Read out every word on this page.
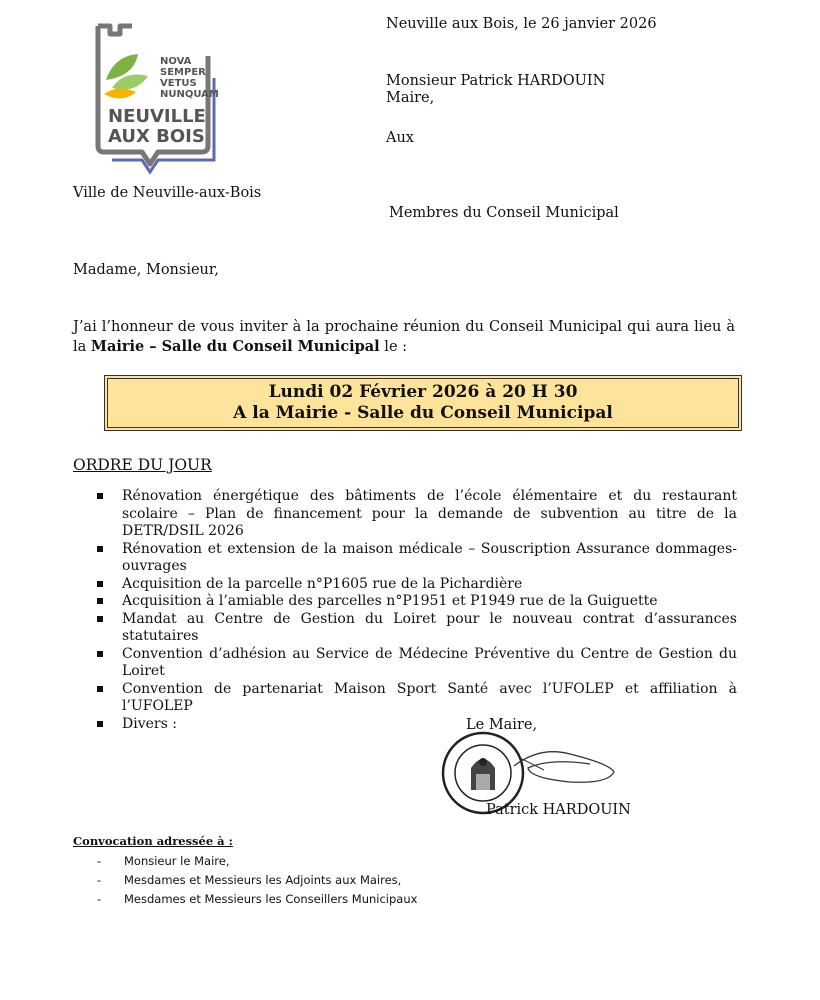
NOVA
SEMPER
VETUS
NUNQUAM
NEUVILLE
AUX BOIS
Ville de Neuville-aux-Bois
Neuville aux Bois, le 26 janvier 2026
Monsieur Patrick HARDOUIN
Maire,
Aux
Membres du Conseil Municipal
Madame, Monsieur,
J’ai l’honneur de vous inviter à la prochaine réunion du Conseil Municipal qui aura lieu à la Mairie – Salle du Conseil Municipal le :
Lundi 02 Février 2026 à 20 H 30
A la Mairie - Salle du Conseil Municipal
ORDRE DU JOUR
Rénovation énergétique des bâtiments de l’école élémentaire et du restaurant scolaire – Plan de financement pour la demande de subvention au titre de la DETR/DSIL 2026
Rénovation et extension de la maison médicale – Souscription Assurance dommages-ouvrages
Acquisition de la parcelle n°P1605 rue de la Pichardière
Acquisition à l’amiable des parcelles n°P1951 et P1949 rue de la Guiguette
Mandat au Centre de Gestion du Loiret pour le nouveau contrat d’assurances statutaires
Convention d’adhésion au Service de Médecine Préventive du Centre de Gestion du Loiret
Convention de partenariat Maison Sport Santé avec l’UFOLEP et affiliation à l’UFOLEP
Divers :	Le Maire,
Patrick HARDOUIN
Convocation adressée à :
- Monsieur le Maire,
- Mesdames et Messieurs les Adjoints aux Maires,
- Mesdames et Messieurs les Conseillers Municipaux
